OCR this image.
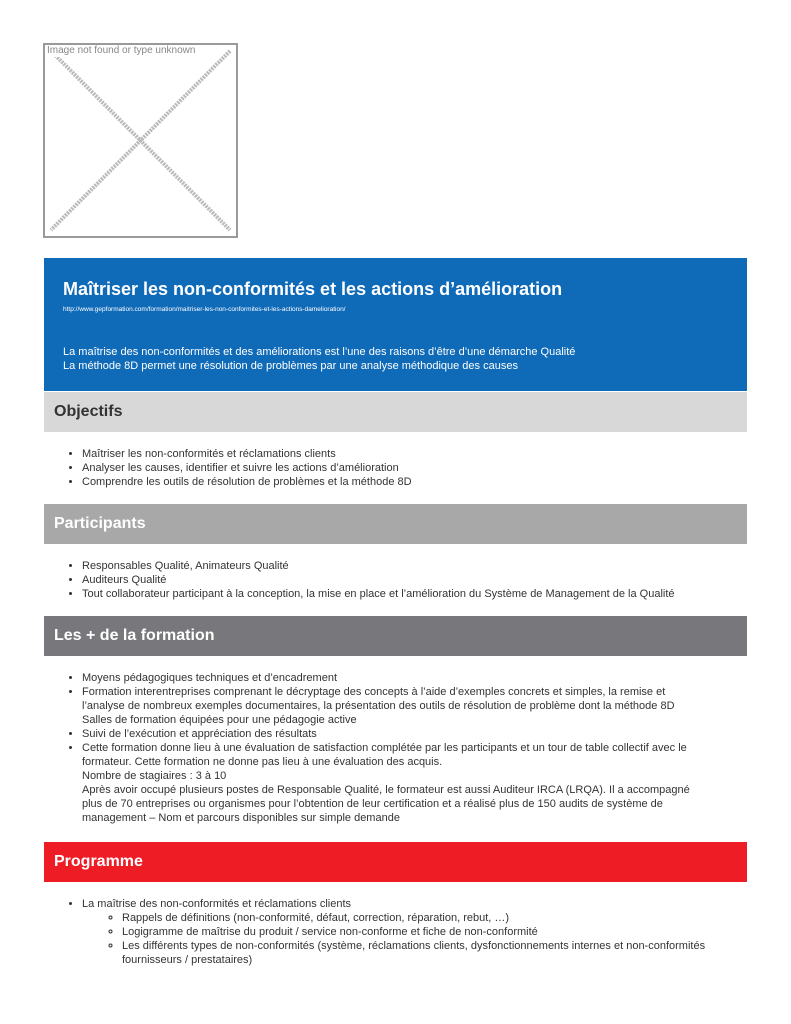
Image not found or type unknown
Maîtriser les non-conformités et les actions d’amélioration
http://www.gepformation.com/formation/maitriser-les-non-conformites-et-les-actions-damelioration/
La maîtrise des non-conformités et des améliorations est l’une des raisons d’être d’une démarche Qualité
La méthode 8D permet une résolution de problèmes par une analyse méthodique des causes
Objectifs
• Maîtriser les non-conformités et réclamations clients
• Analyser les causes, identifier et suivre les actions d’amélioration
• Comprendre les outils de résolution de problèmes et la méthode 8D
Participants
• Responsables Qualité, Animateurs Qualité
• Auditeurs Qualité
• Tout collaborateur participant à la conception, la mise en place et l’amélioration du Système de Management de la Qualité
Les + de la formation
• Moyens pédagogiques techniques et d’encadrement
• Formation interentreprises comprenant le décryptage des concepts à l’aide d’exemples concrets et simples, la remise et
l’analyse de nombreux exemples documentaires, la présentation des outils de résolution de problème dont la méthode 8D
Salles de formation équipées pour une pédagogie active
• Suivi de l’exécution et appréciation des résultats
• Cette formation donne lieu à une évaluation de satisfaction complétée par les participants et un tour de table collectif avec le
formateur. Cette formation ne donne pas lieu à une évaluation des acquis.
Nombre de stagiaires : 3 à 10
Après avoir occupé plusieurs postes de Responsable Qualité, le formateur est aussi Auditeur IRCA (LRQA). Il a accompagné
plus de 70 entreprises ou organismes pour l’obtention de leur certification et a réalisé plus de 150 audits de système de
management – Nom et parcours disponibles sur simple demande
Programme
• La maîtrise des non-conformités et réclamations clients
◦ Rappels de définitions (non-conformité, défaut, correction, réparation, rebut, …)
◦ Logigramme de maîtrise du produit / service non-conforme et fiche de non-conformité
◦ Les différents types de non-conformités (système, réclamations clients, dysfonctionnements internes et non-conformités
fournisseurs / prestataires)
